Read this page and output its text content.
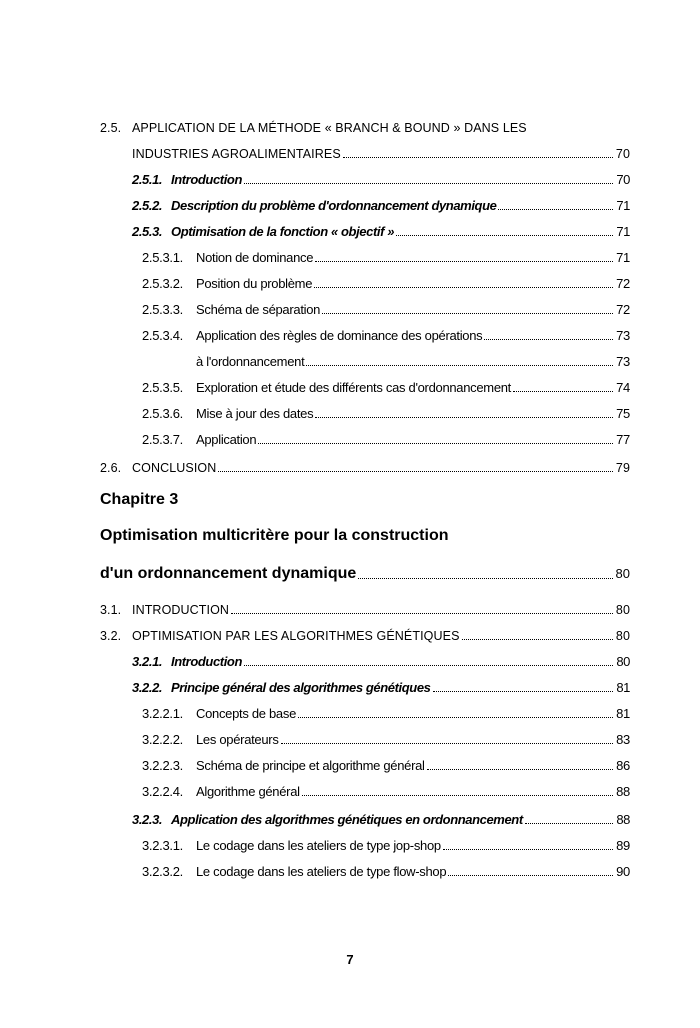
2.5. APPLICATION DE LA MÉTHODE « BRANCH & BOUND » DANS LES
INDUSTRIES AGROALIMENTAIRES	70
2.5.1. Introduction	70
2.5.2. Description du problème d'ordonnancement dynamique	71
2.5.3. Optimisation de la fonction « objectif »	71
2.5.3.1.	Notion de dominance	71
2.5.3.2.	Position du problème	72
2.5.3.3.	Schéma de séparation	72
2.5.3.4.	Application des règles de dominance des opérations	73
à l'ordonnancement	73
2.5.3.5.	Exploration et étude des différents cas d'ordonnancement	74
2.5.3.6.	Mise à jour des dates	75
2.5.3.7.	Application	77
2.6. CONCLUSION	79
Chapitre 3
Optimisation multicritère pour la construction
d'un ordonnancement dynamique	80
3.1. INTRODUCTION	80
3.2. OPTIMISATION PAR LES ALGORITHMES GÉNÉTIQUES	80
3.2.1. Introduction	80
3.2.2. Principe général des algorithmes génétiques	81
3.2.2.1.	Concepts de base	81
3.2.2.2.	Les opérateurs	83
3.2.2.3.	Schéma de principe et algorithme général	86
3.2.2.4.	Algorithme général	88
3.2.3. Application des algorithmes génétiques en ordonnancement	88
3.2.3.1.	Le codage dans les ateliers de type jop-shop	89
3.2.3.2.	Le codage dans les ateliers de type flow-shop	90
7
